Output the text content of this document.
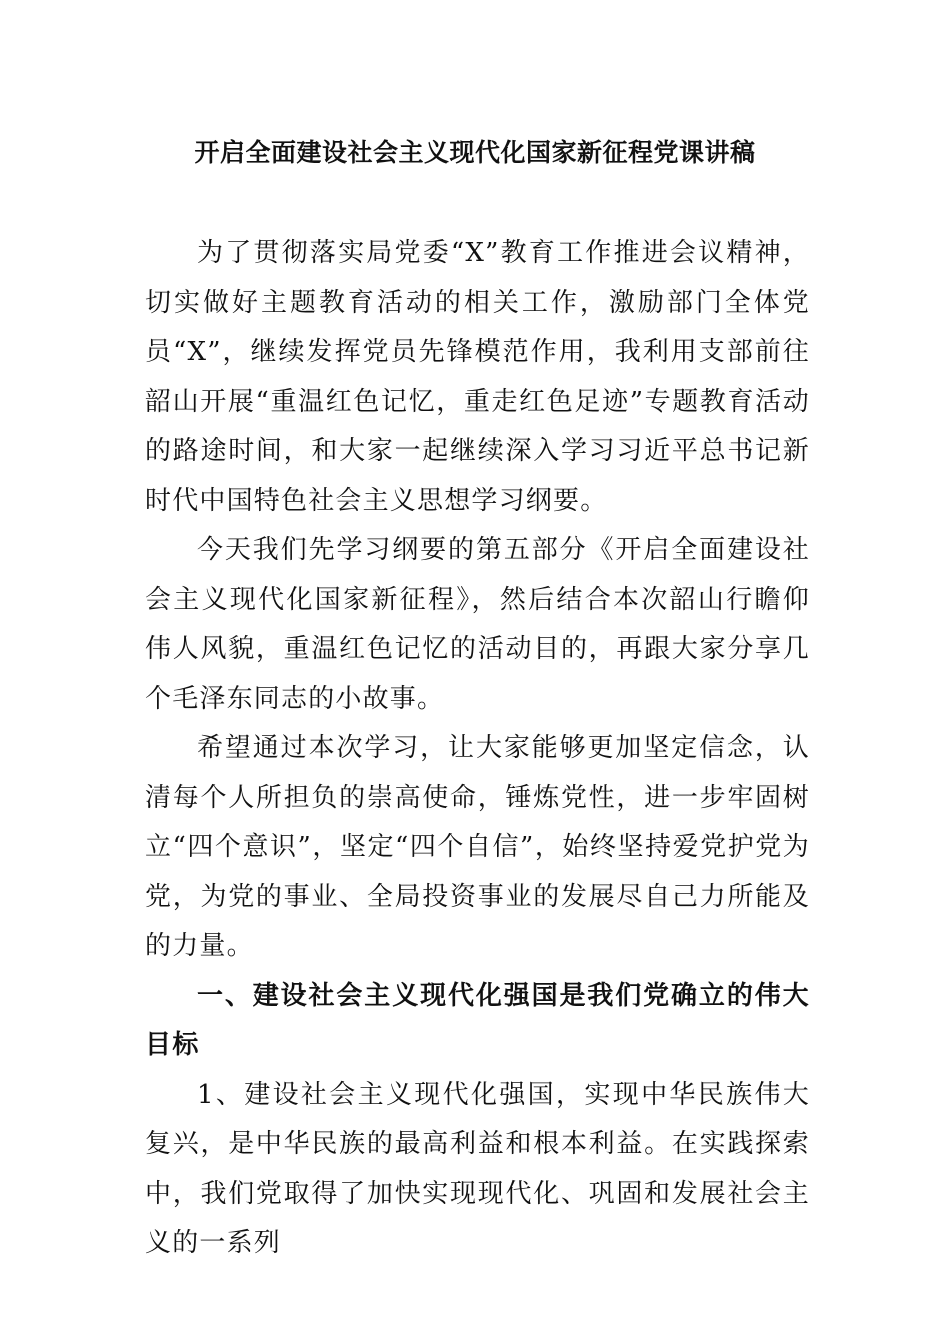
开启全面建设社会主义现代化国家新征程党课讲稿

为了贯彻落实局党委“X”教育工作推进会议精神，切实做好主题教育活动的相关工作，激励部门全体党员“X”，继续发挥党员先锋模范作用，我利用支部前往韶山开展“重温红色记忆，重走红色足迹”专题教育活动的路途时间，和大家一起继续深入学习习近平总书记新时代中国特色社会主义思想学习纲要。

今天我们先学习纲要的第五部分《开启全面建设社会主义现代化国家新征程》，然后结合本次韶山行瞻仰伟人风貌，重温红色记忆的活动目的，再跟大家分享几个毛泽东同志的小故事。

希望通过本次学习，让大家能够更加坚定信念，认清每个人所担负的崇高使命，锤炼党性，进一步牢固树立“四个意识”，坚定“四个自信”，始终坚持爱党护党为党，为党的事业、全局投资事业的发展尽自己力所能及的力量。

一、建设社会主义现代化强国是我们党确立的伟大目标

1、建设社会主义现代化强国，实现中华民族伟大复兴，是中华民族的最高利益和根本利益。在实践探索中，我们党取得了加快实现现代化、巩固和发展社会主义的一系列
